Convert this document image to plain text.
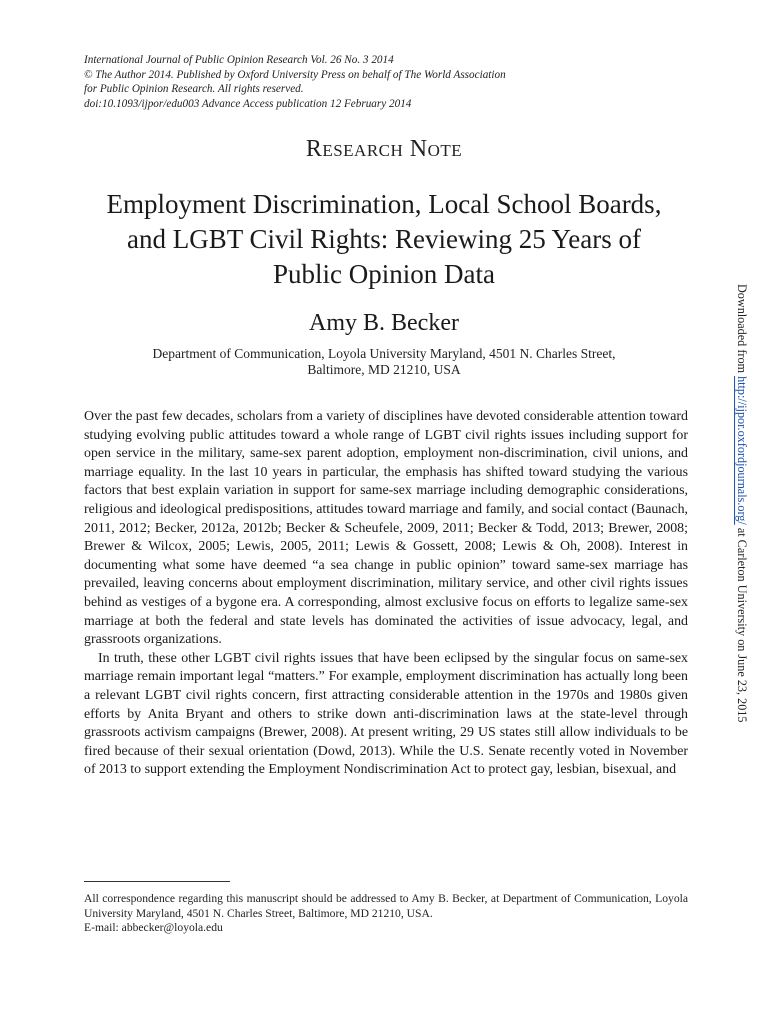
International Journal of Public Opinion Research Vol. 26 No. 3 2014
© The Author 2014. Published by Oxford University Press on behalf of The World Association
for Public Opinion Research. All rights reserved.
doi:10.1093/ijpor/edu003 Advance Access publication 12 February 2014
Research Note
Employment Discrimination, Local School Boards,
and LGBT Civil Rights: Reviewing 25 Years of
Public Opinion Data
Amy B. Becker
Department of Communication, Loyola University Maryland, 4501 N. Charles Street,
Baltimore, MD 21210, USA

Over the past few decades, scholars from a variety of disciplines have devoted considerable attention toward studying evolving public attitudes toward a whole range of LGBT civil rights issues including support for open service in the military, same-sex parent adoption, employment non-discrimination, civil unions, and marriage equality. In the last 10 years in particular, the emphasis has shifted toward studying the various factors that best explain variation in support for same-sex marriage including demographic considerations, religious and ideological predispositions, attitudes toward marriage and family, and social contact (Baunach, 2011, 2012; Becker, 2012a, 2012b; Becker & Scheufele, 2009, 2011; Becker & Todd, 2013; Brewer, 2008; Brewer & Wilcox, 2005; Lewis, 2005, 2011; Lewis & Gossett, 2008; Lewis & Oh, 2008). Interest in documenting what some have deemed “a sea change in public opinion” toward same-sex marriage has prevailed, leaving concerns about employment discrimination, military service, and other civil rights issues behind as vestiges of a bygone era. A corresponding, almost exclusive focus on efforts to legalize same-sex marriage at both the federal and state levels has dominated the activities of issue advocacy, legal, and grassroots organizations.

In truth, these other LGBT civil rights issues that have been eclipsed by the singular focus on same-sex marriage remain important legal “matters.” For example, employment discrimination has actually long been a relevant LGBT civil rights concern, first attracting considerable attention in the 1970s and 1980s given efforts by Anita Bryant and others to strike down anti-discrimination laws at the state-level through grassroots activism campaigns (Brewer, 2008). At present writing, 29 US states still allow individuals to be fired because of their sexual orientation (Dowd, 2013). While the U.S. Senate recently voted in November of 2013 to support extending the Employment Nondiscrimination Act to protect gay, lesbian, bisexual, and

All correspondence regarding this manuscript should be addressed to Amy B. Becker, at Department of Communication, Loyola University Maryland, 4501 N. Charles Street, Baltimore, MD 21210, USA.
E-mail: abbecker@loyola.edu
Downloaded from http://ijpor.oxfordjournals.org/ at Carleton University on June 23, 2015
